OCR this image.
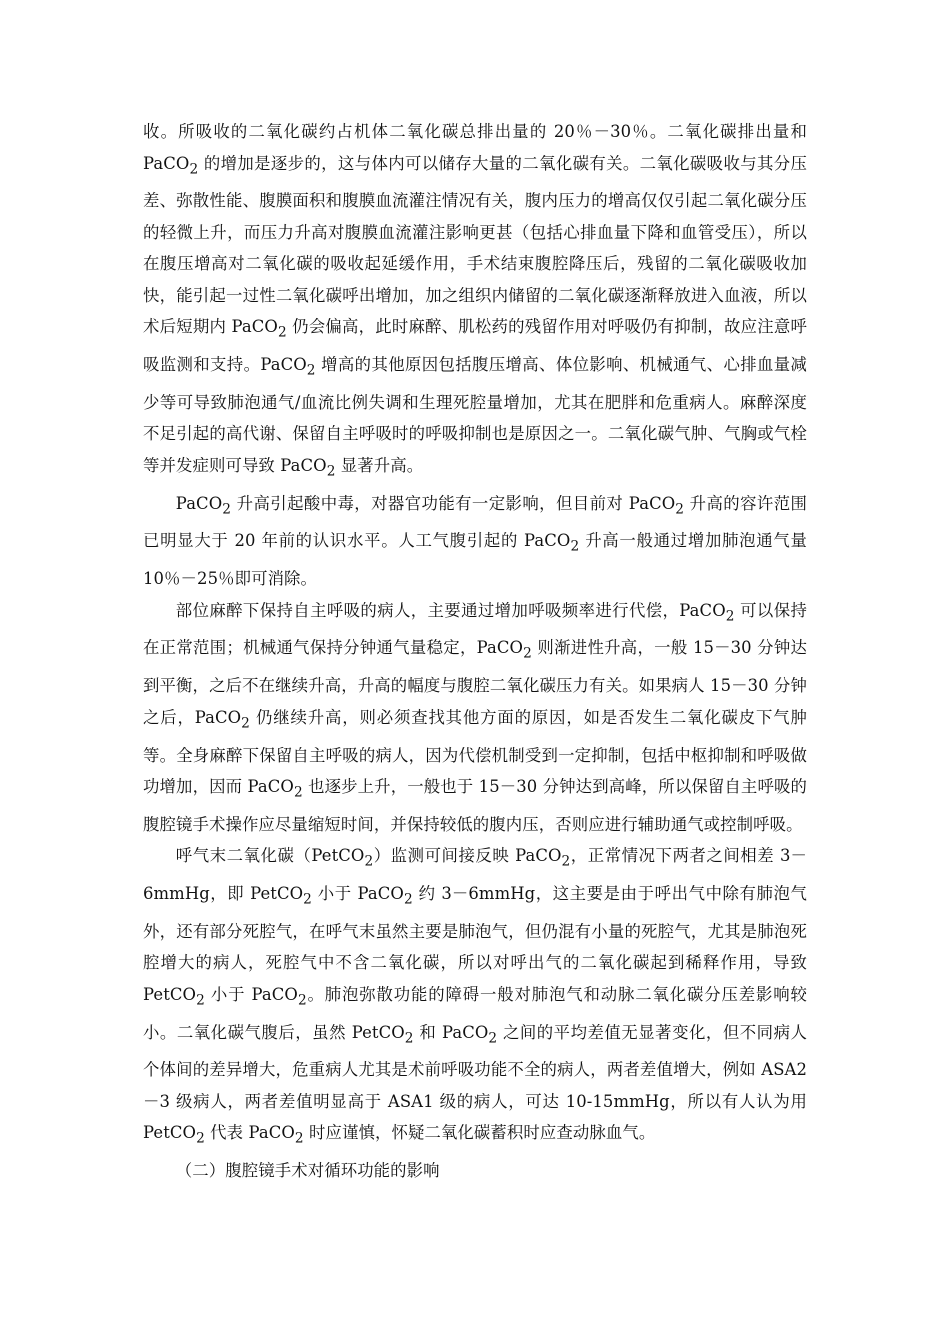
收。所吸收的二氧化碳约占机体二氧化碳总排出量的 20％－30％。二氧化碳排出量和 PaCO$_2$ 的增加是逐步的，这与体内可以储存大量的二氧化碳有关。二氧化碳吸收与其分压差、弥散性能、腹膜面积和腹膜血流灌注情况有关，腹内压力的增高仅仅引起二氧化碳分压的轻微上升，而压力升高对腹膜血流灌注影响更甚（包括心排血量下降和血管受压），所以在腹压增高对二氧化碳的吸收起延缓作用，手术结束腹腔降压后，残留的二氧化碳吸收加快，能引起一过性二氧化碳呼出增加，加之组织内储留的二氧化碳逐渐释放进入血液，所以术后短期内 PaCO$_2$ 仍会偏高，此时麻醉、肌松药的残留作用对呼吸仍有抑制，故应注意呼吸监测和支持。PaCO$_2$ 增高的其他原因包括腹压增高、体位影响、机械通气、心排血量减少等可导致肺泡通气/血流比例失调和生理死腔量增加，尤其在肥胖和危重病人。麻醉深度不足引起的高代谢、保留自主呼吸时的呼吸抑制也是原因之一。二氧化碳气肿、气胸或气栓等并发症则可导致 PaCO$_2$ 显著升高。

PaCO$_2$ 升高引起酸中毒，对器官功能有一定影响，但目前对 PaCO$_2$ 升高的容许范围已明显大于 20 年前的认识水平。人工气腹引起的 PaCO$_2$ 升高一般通过增加肺泡通气量 10％－25％即可消除。

部位麻醉下保持自主呼吸的病人，主要通过增加呼吸频率进行代偿，PaCO$_2$ 可以保持在正常范围；机械通气保持分钟通气量稳定，PaCO$_2$ 则渐进性升高，一般 15－30 分钟达到平衡，之后不在继续升高，升高的幅度与腹腔二氧化碳压力有关。如果病人 15－30 分钟之后，PaCO$_2$ 仍继续升高，则必须查找其他方面的原因，如是否发生二氧化碳皮下气肿等。全身麻醉下保留自主呼吸的病人，因为代偿机制受到一定抑制，包括中枢抑制和呼吸做功增加，因而 PaCO$_2$ 也逐步上升，一般也于 15－30 分钟达到高峰，所以保留自主呼吸的腹腔镜手术操作应尽量缩短时间，并保持较低的腹内压，否则应进行辅助通气或控制呼吸。

呼气末二氧化碳（PetCO$_2$）监测可间接反映 PaCO$_2$，正常情况下两者之间相差 3－6mmHg，即 PetCO$_2$ 小于 PaCO$_2$ 约 3－6mmHg，这主要是由于呼出气中除有肺泡气外，还有部分死腔气，在呼气末虽然主要是肺泡气，但仍混有小量的死腔气，尤其是肺泡死腔增大的病人，死腔气中不含二氧化碳，所以对呼出气的二氧化碳起到稀释作用，导致 PetCO$_2$ 小于 PaCO$_2$。肺泡弥散功能的障碍一般对肺泡气和动脉二氧化碳分压差影响较小。二氧化碳气腹后，虽然 PetCO$_2$ 和 PaCO$_2$ 之间的平均差值无显著变化，但不同病人个体间的差异增大，危重病人尤其是术前呼吸功能不全的病人，两者差值增大，例如 ASA2－3 级病人，两者差值明显高于 ASA1 级的病人，可达 10-15mmHg，所以有人认为用 PetCO$_2$ 代表 PaCO$_2$ 时应谨慎，怀疑二氧化碳蓄积时应查动脉血气。

（二）腹腔镜手术对循环功能的影响
